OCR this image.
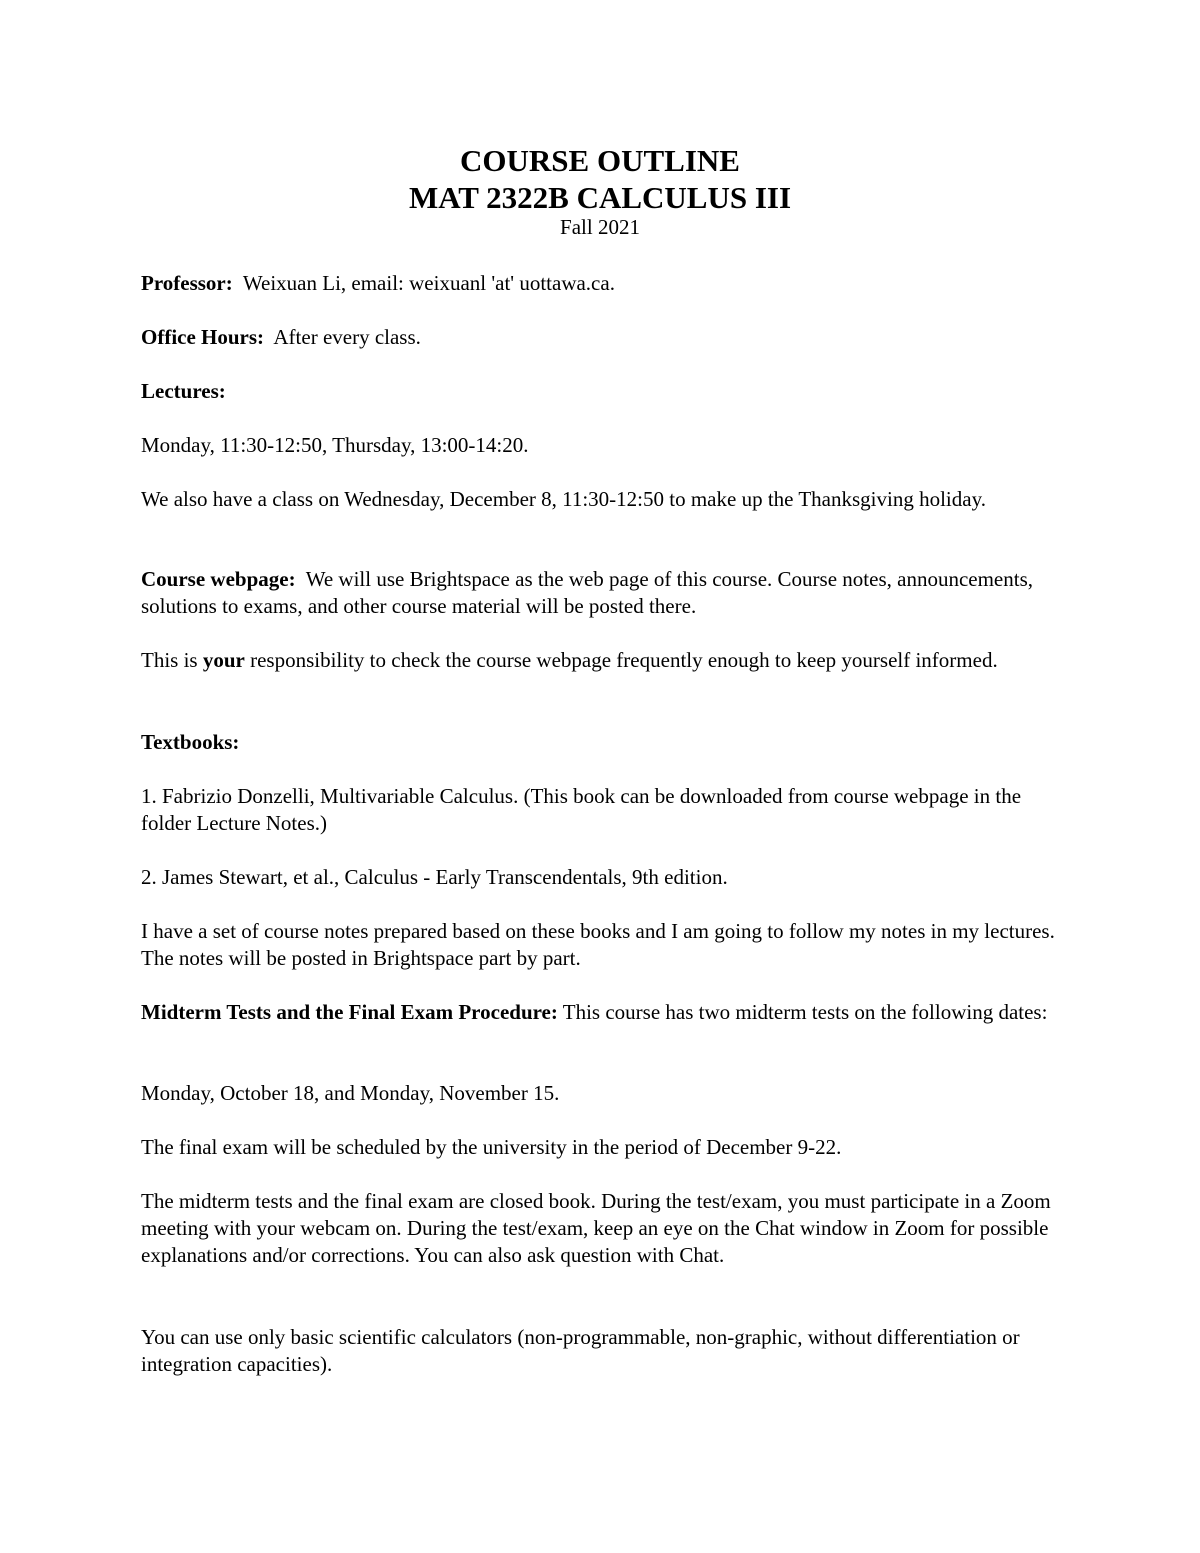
COURSE OUTLINE
MAT 2322B CALCULUS III
Fall 2021

Professor: Weixuan Li, email: weixuanl 'at' uottawa.ca.

Office Hours: After every class.

Lectures:

Monday, 11:30-12:50, Thursday, 13:00-14:20.

We also have a class on Wednesday, December 8, 11:30-12:50 to make up the Thanksgiving holiday.

Course webpage: We will use Brightspace as the web page of this course. Course notes, announcements, solutions to exams, and other course material will be posted there.

This is your responsibility to check the course webpage frequently enough to keep yourself informed.

Textbooks:

1. Fabrizio Donzelli, Multivariable Calculus. (This book can be downloaded from course webpage in the folder Lecture Notes.)

2. James Stewart, et al., Calculus - Early Transcendentals, 9th edition.

I have a set of course notes prepared based on these books and I am going to follow my notes in my lectures. The notes will be posted in Brightspace part by part.

Midterm Tests and the Final Exam Procedure: This course has two midterm tests on the following dates:

Monday, October 18, and Monday, November 15.

The final exam will be scheduled by the university in the period of December 9-22.

The midterm tests and the final exam are closed book. During the test/exam, you must participate in a Zoom meeting with your webcam on. During the test/exam, keep an eye on the Chat window in Zoom for possible explanations and/or corrections. You can also ask question with Chat.

You can use only basic scientific calculators (non-programmable, non-graphic, without differentiation or integration capacities).
